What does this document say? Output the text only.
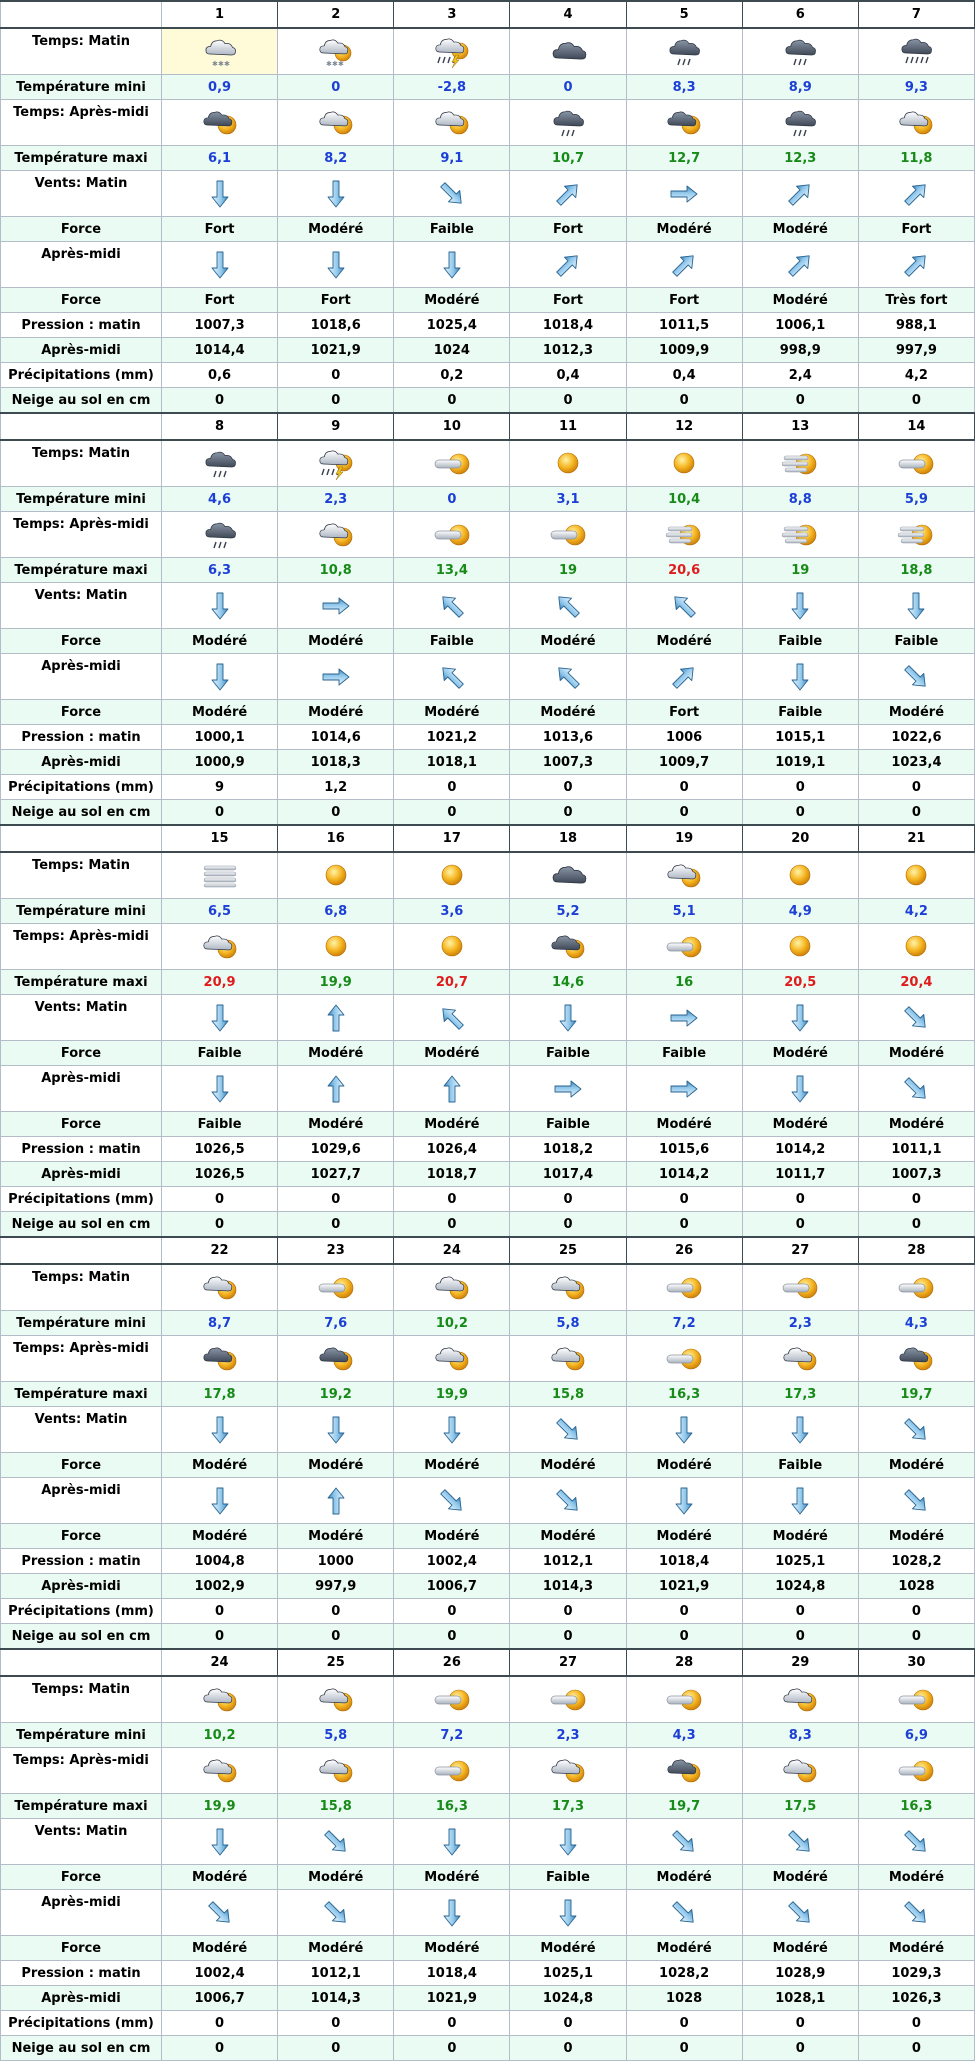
	1	2	3	4	5	6	7
Temps: Matin	✱ ✱ ✱	✱ ✱ ✱

Température mini	0,9	0	-2,8	0	8,3	8,9	9,3
Temps: Après-midi	

Température maxi	6,1	8,2	9,1	10,7	12,7	12,3	11,8
Vents: Matin	

Force	Fort	Modéré	Faible	Fort	Modéré	Modéré	Fort
Après-midi	

Force	Fort	Fort	Modéré	Fort	Fort	Modéré	Très fort
Pression : matin	1007,3	1018,6	1025,4	1018,4	1011,5	1006,1	988,1
Après-midi	1014,4	1021,9	1024	1012,3	1009,9	998,9	997,9
Précipitations (mm)	0,6	0	0,2	0,4	0,4	2,4	4,2
Neige au sol en cm	0	0	0	0	0	0	0
	8	9	10	11	12	13	14
Temps: Matin	

Température mini	4,6	2,3	0	3,1	10,4	8,8	5,9
Temps: Après-midi	

Température maxi	6,3	10,8	13,4	19	20,6	19	18,8
Vents: Matin	

Force	Modéré	Modéré	Faible	Modéré	Modéré	Faible	Faible
Après-midi	

Force	Modéré	Modéré	Modéré	Modéré	Fort	Faible	Modéré
Pression : matin	1000,1	1014,6	1021,2	1013,6	1006	1015,1	1022,6
Après-midi	1000,9	1018,3	1018,1	1007,3	1009,7	1019,1	1023,4
Précipitations (mm)	9	1,2	0	0	0	0	0
Neige au sol en cm	0	0	0	0	0	0	0
	15	16	17	18	19	20	21
Temps: Matin	

Température mini	6,5	6,8	3,6	5,2	5,1	4,9	4,2
Temps: Après-midi	

Température maxi	20,9	19,9	20,7	14,6	16	20,5	20,4
Vents: Matin	

Force	Faible	Modéré	Modéré	Faible	Faible	Modéré	Modéré
Après-midi	

Force	Faible	Modéré	Modéré	Faible	Modéré	Modéré	Modéré
Pression : matin	1026,5	1029,6	1026,4	1018,2	1015,6	1014,2	1011,1
Après-midi	1026,5	1027,7	1018,7	1017,4	1014,2	1011,7	1007,3
Précipitations (mm)	0	0	0	0	0	0	0
Neige au sol en cm	0	0	0	0	0	0	0
	22	23	24	25	26	27	28
Temps: Matin	

Température mini	8,7	7,6	10,2	5,8	7,2	2,3	4,3
Temps: Après-midi	

Température maxi	17,8	19,2	19,9	15,8	16,3	17,3	19,7
Vents: Matin	

Force	Modéré	Modéré	Modéré	Modéré	Modéré	Faible	Modéré
Après-midi	

Force	Modéré	Modéré	Modéré	Modéré	Modéré	Modéré	Modéré
Pression : matin	1004,8	1000	1002,4	1012,1	1018,4	1025,1	1028,2
Après-midi	1002,9	997,9	1006,7	1014,3	1021,9	1024,8	1028
Précipitations (mm)	0	0	0	0	0	0	0
Neige au sol en cm	0	0	0	0	0	0	0
	24	25	26	27	28	29	30
Temps: Matin	

Température mini	10,2	5,8	7,2	2,3	4,3	8,3	6,9
Temps: Après-midi	

Température maxi	19,9	15,8	16,3	17,3	19,7	17,5	16,3
Vents: Matin	

Force	Modéré	Modéré	Modéré	Faible	Modéré	Modéré	Modéré
Après-midi	

Force	Modéré	Modéré	Modéré	Modéré	Modéré	Modéré	Modéré
Pression : matin	1002,4	1012,1	1018,4	1025,1	1028,2	1028,9	1029,3
Après-midi	1006,7	1014,3	1021,9	1024,8	1028	1028,1	1026,3
Précipitations (mm)	0	0	0	0	0	0	0
Neige au sol en cm	0	0	0	0	0	0	0
